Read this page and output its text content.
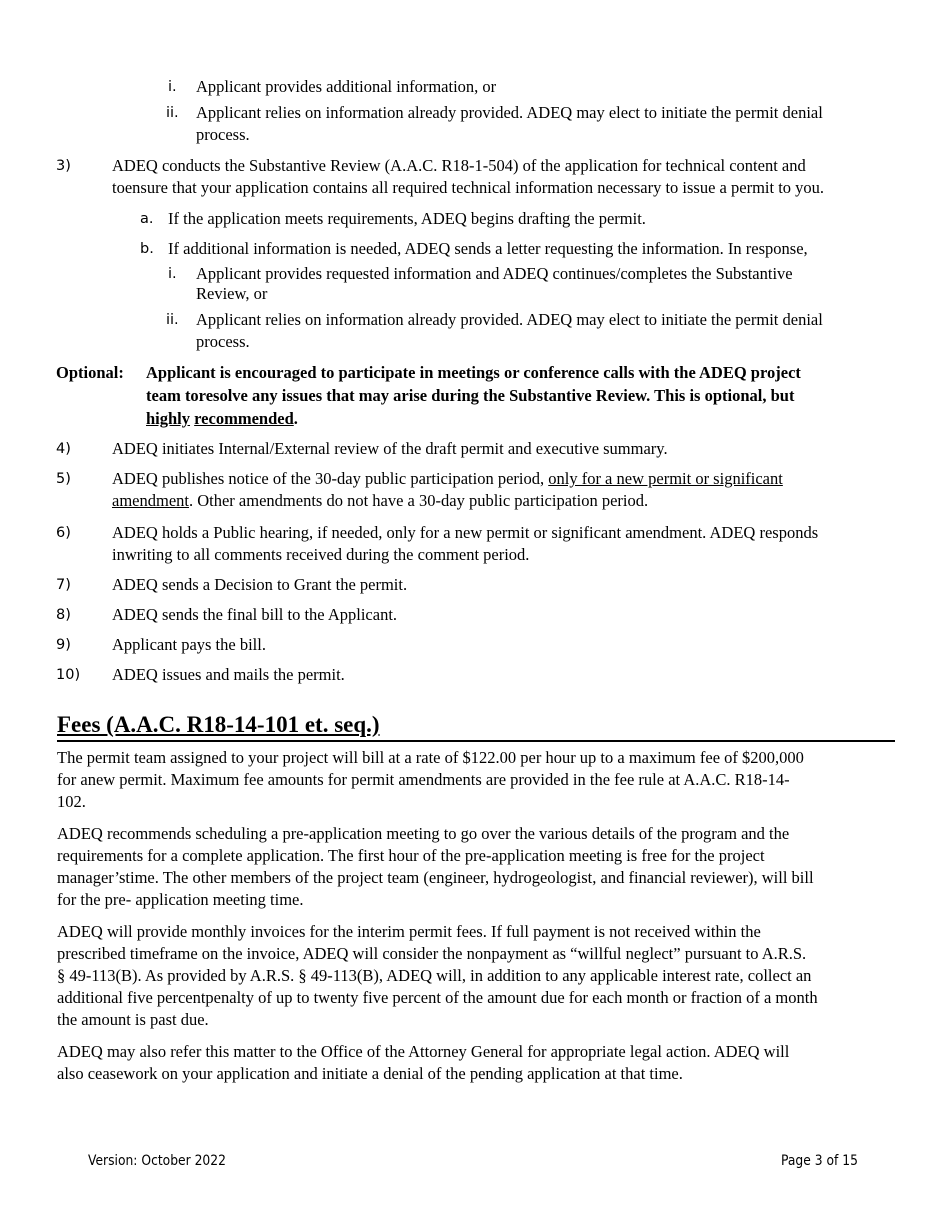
i. Applicant provides additional information, or
ii. Applicant relies on information already provided. ADEQ may elect to initiate the permit denial
process.
3) ADEQ conducts the Substantive Review (A.A.C. R18-1-504) of the application for technical content and
toensure that your application contains all required technical information necessary to issue a permit to you.
a. If the application meets requirements, ADEQ begins drafting the permit.
b. If additional information is needed, ADEQ sends a letter requesting the information. In response,
i. Applicant provides requested information and ADEQ continues/completes the Substantive
Review, or
ii. Applicant relies on information already provided. ADEQ may elect to initiate the permit denial
process.
Optional: Applicant is encouraged to participate in meetings or conference calls with the ADEQ project
team toresolve any issues that may arise during the Substantive Review. This is optional, but
highly recommended.
4) ADEQ initiates Internal/External review of the draft permit and executive summary.
5) ADEQ publishes notice of the 30-day public participation period, only for a new permit or significant
amendment. Other amendments do not have a 30-day public participation period.
6) ADEQ holds a Public hearing, if needed, only for a new permit or significant amendment. ADEQ responds
inwriting to all comments received during the comment period.
7) ADEQ sends a Decision to Grant the permit.
8) ADEQ sends the final bill to the Applicant.
9) Applicant pays the bill.
10) ADEQ issues and mails the permit.
Fees (A.A.C. R18-14-101 et. seq.)
The permit team assigned to your project will bill at a rate of $122.00 per hour up to a maximum fee of $200,000
for anew permit. Maximum fee amounts for permit amendments are provided in the fee rule at A.A.C. R18-14-
102.
ADEQ recommends scheduling a pre-application meeting to go over the various details of the program and the
requirements for a complete application. The first hour of the pre-application meeting is free for the project
manager’stime. The other members of the project team (engineer, hydrogeologist, and financial reviewer), will bill
for the pre- application meeting time.
ADEQ will provide monthly invoices for the interim permit fees. If full payment is not received within the
prescribed timeframe on the invoice, ADEQ will consider the nonpayment as “willful neglect” pursuant to A.R.S.
§ 49-113(B). As provided by A.R.S. § 49-113(B), ADEQ will, in addition to any applicable interest rate, collect an
additional five percentpenalty of up to twenty five percent of the amount due for each month or fraction of a month
the amount is past due.
ADEQ may also refer this matter to the Office of the Attorney General for appropriate legal action. ADEQ will
also ceasework on your application and initiate a denial of the pending application at that time.
Version: October 2022	Page 3 of 15
